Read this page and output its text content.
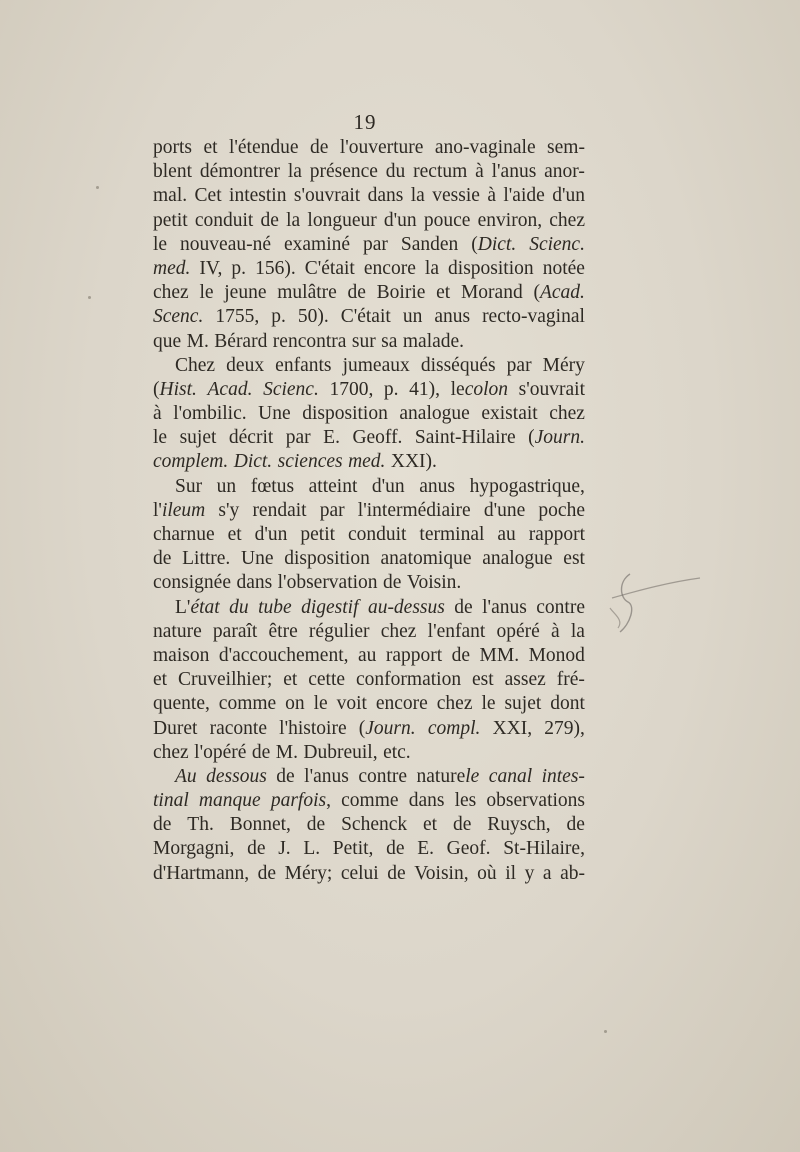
19
ports et l'étendue de l'ouverture ano-vaginale sem-
blent démontrer la présence du rectum à l'anus anor-
mal. Cet intestin s'ouvrait dans la vessie à l'aide d'un
petit conduit de la longueur d'un pouce environ, chez
le nouveau-né examiné par Sanden (Dict. Scienc.
med. IV, p. 156). C'était encore la disposition notée
chez le jeune mulâtre de Boirie et Morand (Acad.
Scenc. 1755, p. 50). C'était un anus recto-vaginal
que M. Bérard rencontra sur sa malade.
Chez deux enfants jumeaux disséqués par Méry
(Hist. Acad. Scienc. 1700, p. 41), lecolon s'ouvrait
à l'ombilic. Une disposition analogue existait chez
le sujet décrit par E. Geoff. Saint-Hilaire (Journ.
complem. Dict. sciences med. XXI).
Sur un fœtus atteint d'un anus hypogastrique,
l'ileum s'y rendait par l'intermédiaire d'une poche
charnue et d'un petit conduit terminal au rapport
de Littre. Une disposition anatomique analogue est
consignée dans l'observation de Voisin.
L'état du tube digestif au-dessus de l'anus contre
nature paraît être régulier chez l'enfant opéré à la
maison d'accouchement, au rapport de MM. Monod
et Cruveilhier; et cette conformation est assez fré-
quente, comme on le voit encore chez le sujet dont
Duret raconte l'histoire (Journ. compl. XXI, 279),
chez l'opéré de M. Dubreuil, etc.
Au dessous de l'anus contre naturele canal intes-
tinal manque parfois, comme dans les observations
de Th. Bonnet, de Schenck et de Ruysch, de
Morgagni, de J. L. Petit, de E. Geof. St-Hilaire,
d'Hartmann, de Méry; celui de Voisin, où il y a ab-
